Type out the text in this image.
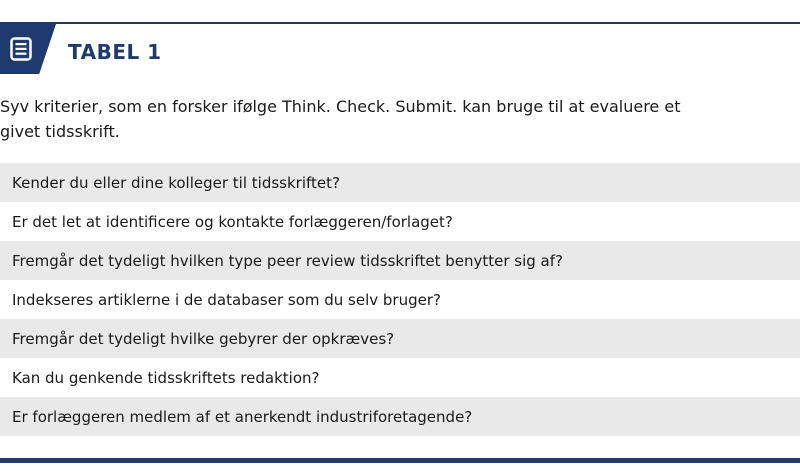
TABEL 1
Syv kriterier, som en forsker ifølge Think. Check. Submit. kan bruge til at evaluere et givet tidsskrift.
Kender du eller dine kolleger til tidsskriftet?
Er det let at identificere og kontakte forlæggeren/forlaget?
Fremgår det tydeligt hvilken type peer review tidsskriftet benytter sig af?
Indekseres artiklerne i de databaser som du selv bruger?
Fremgår det tydeligt hvilke gebyrer der opkræves?
Kan du genkende tidsskriftets redaktion?
Er forlæggeren medlem af et anerkendt industriforetagende?
